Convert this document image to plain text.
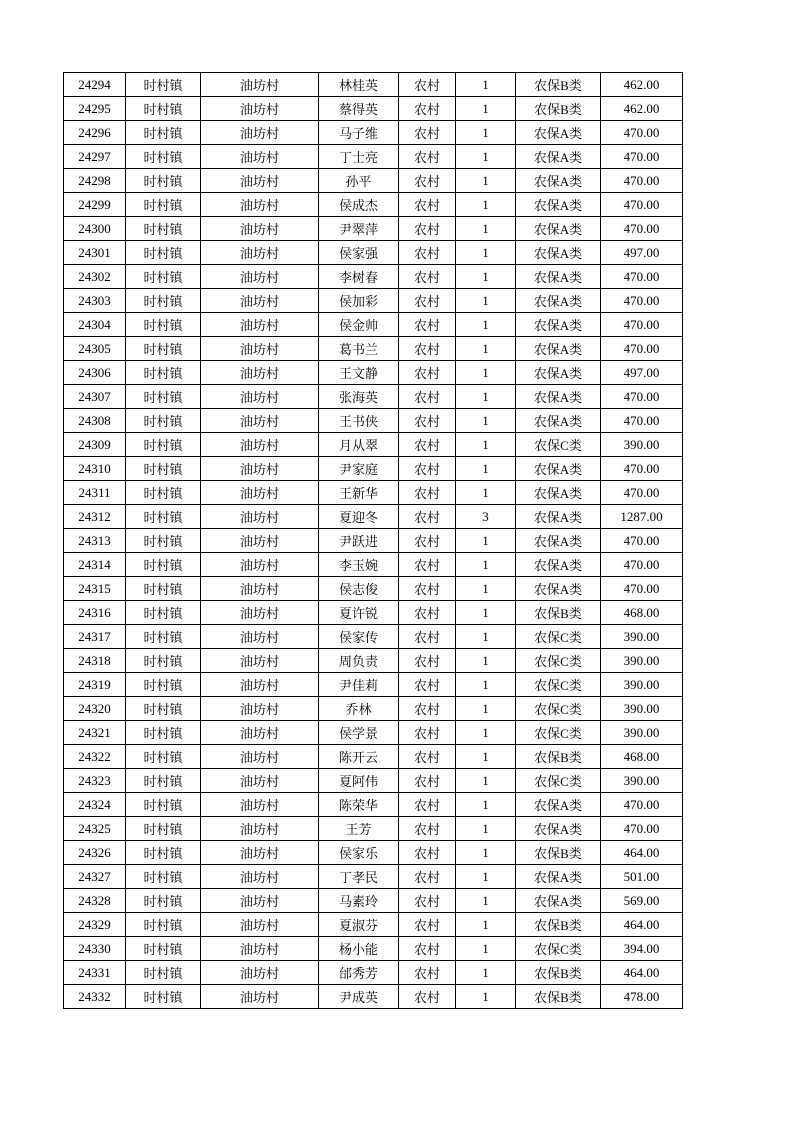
24294	时村镇	油坊村	林桂英	农村	1	农保B类	462.00
24295	时村镇	油坊村	蔡得英	农村	1	农保B类	462.00
24296	时村镇	油坊村	马子维	农村	1	农保A类	470.00
24297	时村镇	油坊村	丁士亮	农村	1	农保A类	470.00
24298	时村镇	油坊村	孙平	农村	1	农保A类	470.00
24299	时村镇	油坊村	侯成杰	农村	1	农保A类	470.00
24300	时村镇	油坊村	尹翠萍	农村	1	农保A类	470.00
24301	时村镇	油坊村	侯家强	农村	1	农保A类	497.00
24302	时村镇	油坊村	李树春	农村	1	农保A类	470.00
24303	时村镇	油坊村	侯加彩	农村	1	农保A类	470.00
24304	时村镇	油坊村	侯金帅	农村	1	农保A类	470.00
24305	时村镇	油坊村	葛书兰	农村	1	农保A类	470.00
24306	时村镇	油坊村	王文静	农村	1	农保A类	497.00
24307	时村镇	油坊村	张海英	农村	1	农保A类	470.00
24308	时村镇	油坊村	王书侠	农村	1	农保A类	470.00
24309	时村镇	油坊村	月从翠	农村	1	农保C类	390.00
24310	时村镇	油坊村	尹家庭	农村	1	农保A类	470.00
24311	时村镇	油坊村	王新华	农村	1	农保A类	470.00
24312	时村镇	油坊村	夏迎冬	农村	3	农保A类	1287.00
24313	时村镇	油坊村	尹跃进	农村	1	农保A类	470.00
24314	时村镇	油坊村	李玉婉	农村	1	农保A类	470.00
24315	时村镇	油坊村	侯志俊	农村	1	农保A类	470.00
24316	时村镇	油坊村	夏许锐	农村	1	农保B类	468.00
24317	时村镇	油坊村	侯家传	农村	1	农保C类	390.00
24318	时村镇	油坊村	周负责	农村	1	农保C类	390.00
24319	时村镇	油坊村	尹佳莉	农村	1	农保C类	390.00
24320	时村镇	油坊村	乔林	农村	1	农保C类	390.00
24321	时村镇	油坊村	侯学景	农村	1	农保C类	390.00
24322	时村镇	油坊村	陈开云	农村	1	农保B类	468.00
24323	时村镇	油坊村	夏阿伟	农村	1	农保C类	390.00
24324	时村镇	油坊村	陈荣华	农村	1	农保A类	470.00
24325	时村镇	油坊村	王芳	农村	1	农保A类	470.00
24326	时村镇	油坊村	侯家乐	农村	1	农保B类	464.00
24327	时村镇	油坊村	丁孝民	农村	1	农保A类	501.00
24328	时村镇	油坊村	马素玲	农村	1	农保A类	569.00
24329	时村镇	油坊村	夏淑芬	农村	1	农保B类	464.00
24330	时村镇	油坊村	杨小能	农村	1	农保C类	394.00
24331	时村镇	油坊村	邰秀芳	农村	1	农保B类	464.00
24332	时村镇	油坊村	尹成英	农村	1	农保B类	478.00
